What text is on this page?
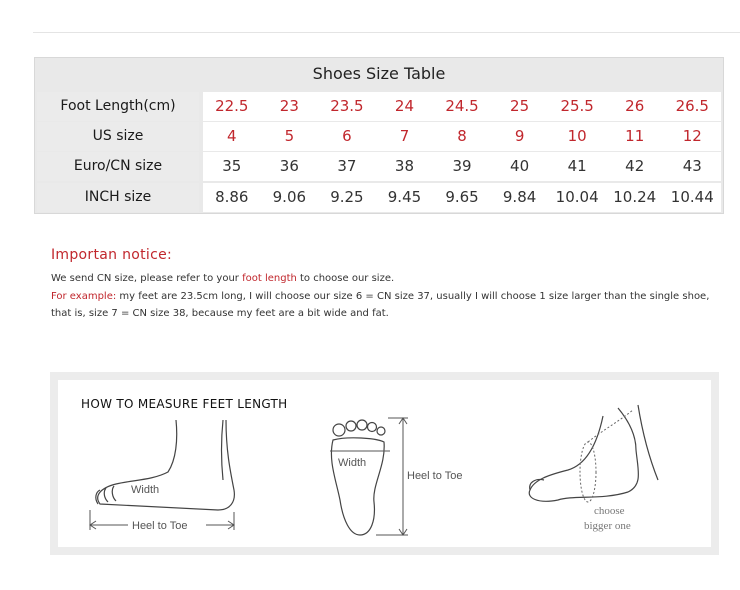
Shoes Size Table
Foot Length(cm)	22.5	23	23.5	24	24.5	25	25.5	26	26.5
US size	4	5	6	7	8	9	10	11	12
Euro/CN size	35	36	37	38	39	40	41	42	43
INCH size	8.86	9.06	9.25	9.45	9.65	9.84	10.04 10.24 10.44
Importan notice:
We send CN size, please refer to your foot length to choose our size.
For example: my feet are 23.5cm long, I will choose our size 6 = CN size 37, usually I will choose 1 size larger than the single shoe,
that is, size 7 = CN size 38, because my feet are a bit wide and fat.
HOW TO MEASURE FEET LENGTH
Width
Heel to Toe
Width
Heel to Toe
choose
bigger one
